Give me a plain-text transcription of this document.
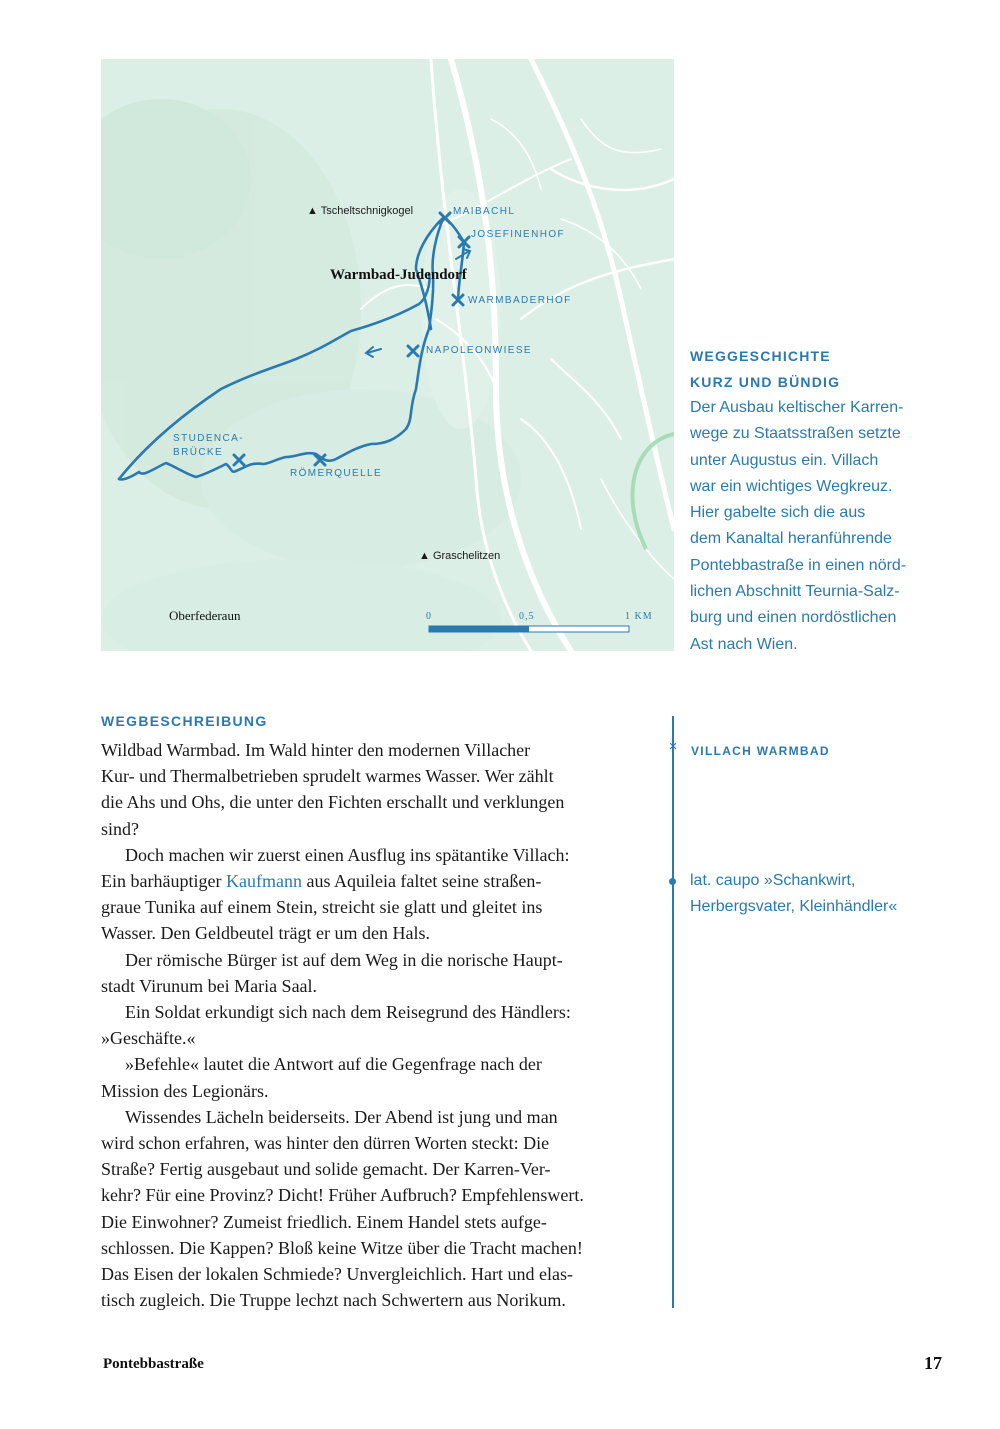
▲ Tscheltschnigkogel
▲ Graschelitzen
Warmbad-Judendorf
Oberfederaun
MAIBACHL
JOSEFINENHOF
WARMBADERHOF
NAPOLEONWIESE
STUDENCA-
BRÜCKE
RÖMERQUELLE
0	0,5	1 KM
WEGGESCHICHTE
KURZ UND BÜNDIG
Der Ausbau keltischer Karren-
wege zu Staatsstraßen setzte
unter Augustus ein. Villach
war ein wichtiges Wegkreuz.
Hier gabelte sich die aus
dem Kanaltal heranführende
Pontebbastraße in einen nörd-
lichen Abschnitt Teurnia-Salz-
burg und einen nordöstlichen
Ast nach Wien.
WEGBESCHREIBUNG
Wildbad Warmbad. Im Wald hinter den modernen Villacher
Kur- und Thermalbetrieben sprudelt warmes Wasser. Wer zählt
die Ahs und Ohs, die unter den Fichten erschallt und verklungen
sind?
Doch machen wir zuerst einen Ausflug ins spätantike Villach:
Ein barhäuptiger Kaufmann aus Aquileia faltet seine straßen-
graue Tunika auf einem Stein, streicht sie glatt und gleitet ins
Wasser. Den Geldbeutel trägt er um den Hals.
Der römische Bürger ist auf dem Weg in die norische Haupt-
stadt Virunum bei Maria Saal.
Ein Soldat erkundigt sich nach dem Reisegrund des Händlers:
»Geschäfte.«
»Befehle« lautet die Antwort auf die Gegenfrage nach der
Mission des Legionärs.
Wissendes Lächeln beiderseits. Der Abend ist jung und man
wird schon erfahren, was hinter den dürren Worten steckt: Die
Straße? Fertig ausgebaut und solide gemacht. Der Karren-Ver-
kehr? Für eine Provinz? Dicht! Früher Aufbruch? Empfehlenswert.
Die Einwohner? Zumeist friedlich. Einem Handel stets aufge-
schlossen. Die Kappen? Bloß keine Witze über die Tracht machen!
Das Eisen der lokalen Schmiede? Unvergleichlich. Hart und elas-
tisch zugleich. Die Truppe lechzt nach Schwertern aus Norikum.
× VILLACH WARMBAD
lat. caupo »Schankwirt,
Herbergsvater, Kleinhändler«
Pontebbastraße	17
